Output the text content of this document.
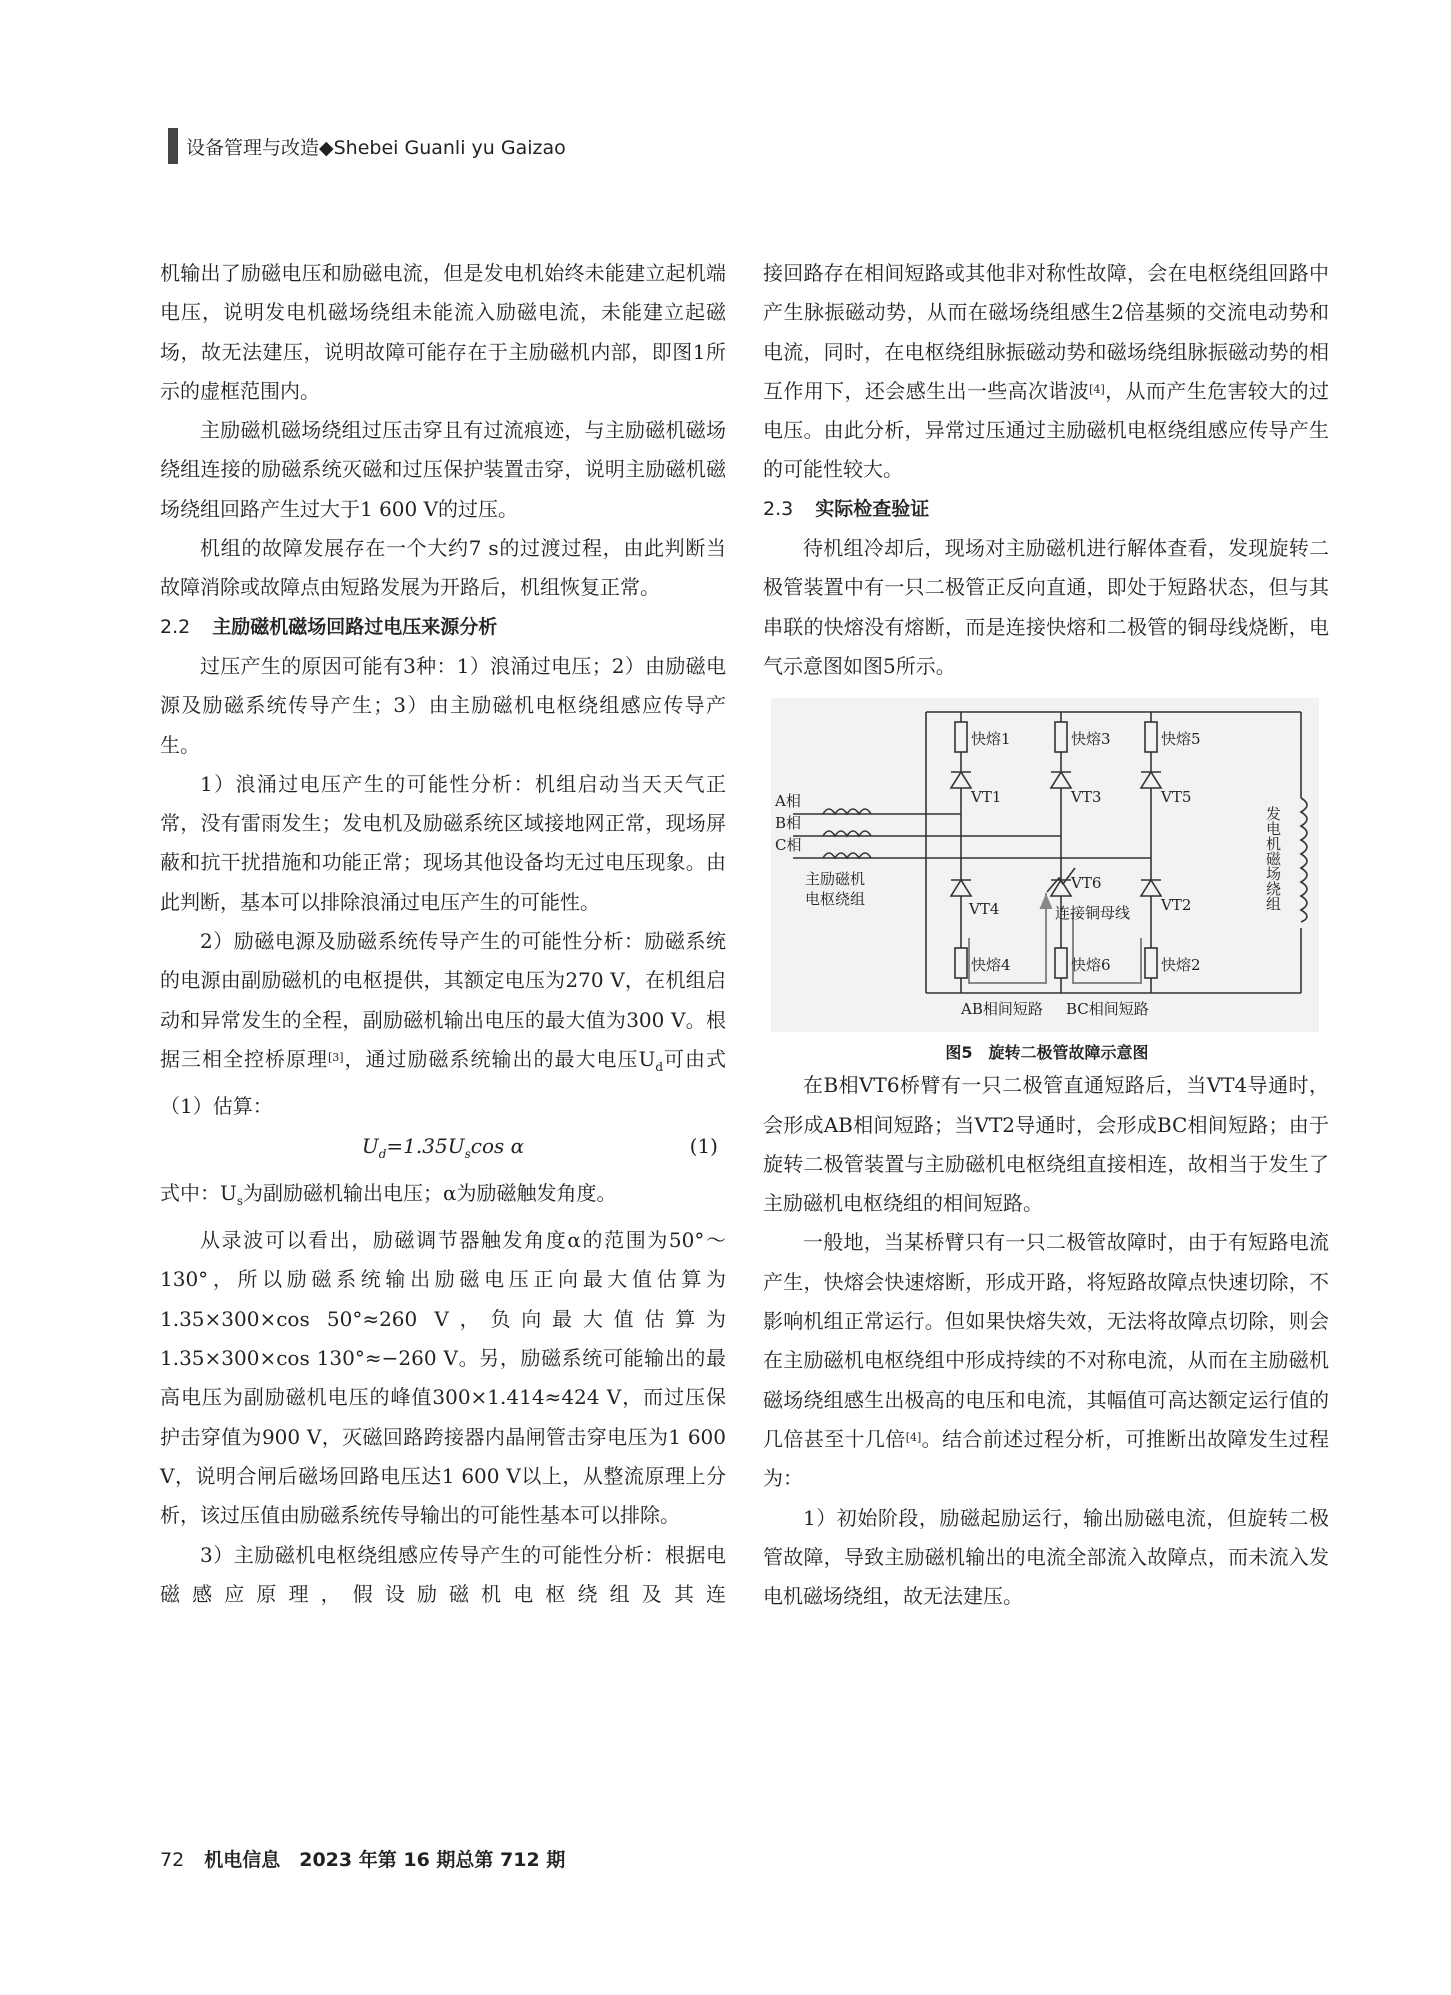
设备管理与改造◆Shebei Guanli yu Gaizao

机输出了励磁电压和励磁电流，但是发电机始终未能建立起机端电压，说明发电机磁场绕组未能流入励磁电流，未能建立起磁场，故无法建压，说明故障可能存在于主励磁机内部，即图1所示的虚框范围内。

主励磁机磁场绕组过压击穿且有过流痕迹，与主励磁机磁场绕组连接的励磁系统灭磁和过压保护装置击穿，说明主励磁机磁场绕组回路产生过大于1 600 V的过压。

机组的故障发展存在一个大约7 s的过渡过程，由此判断当故障消除或故障点由短路发展为开路后，机组恢复正常。

2.2 主励磁机磁场回路过电压来源分析

过压产生的原因可能有3种：1）浪涌过电压；2）由励磁电源及励磁系统传导产生；3）由主励磁机电枢绕组感应传导产生。

1）浪涌过电压产生的可能性分析：机组启动当天天气正常，没有雷雨发生；发电机及励磁系统区域接地网正常，现场屏蔽和抗干扰措施和功能正常；现场其他设备均无过电压现象。由此判断，基本可以排除浪涌过电压产生的可能性。

2）励磁电源及励磁系统传导产生的可能性分析：励磁系统的电源由副励磁机的电枢提供，其额定电压为270 V，在机组启动和异常发生的全程，副励磁机输出电压的最大值为300 V。根据三相全控桥原理[3]，通过励磁系统输出的最大电压$U_d$可由式（1）估算：

$U_d=1.35U_s\cos$ α	(1)

式中：$U_s$为副励磁机输出电压；α为励磁触发角度。

从录波可以看出，励磁调节器触发角度α的范围为50°～130°，所以励磁系统输出励磁电压正向最大值估算为1.35×300×cos 50°≈260 V，负向最大值估算为1.35×300×cos 130°≈−260 V。另，励磁系统可能输出的最高电压为副励磁机电压的峰值300×1.414≈424 V，而过压保护击穿值为900 V，灭磁回路跨接器内晶闸管击穿电压为1 600 V，说明合闸后磁场回路电压达1 600 V以上，从整流原理上分析，该过压值由励磁系统传导输出的可能性基本可以排除。

3）主励磁机电枢绕组感应传导产生的可能性分析：根据电磁感应原理，假设励磁机电枢绕组及其连

接回路存在相间短路或其他非对称性故障，会在电枢绕组回路中产生脉振磁动势，从而在磁场绕组感生2倍基频的交流电动势和电流，同时，在电枢绕组脉振磁动势和磁场绕组脉振磁动势的相互作用下，还会感生出一些高次谐波[4]，从而产生危害较大的过电压。由此分析，异常过压通过主励磁机电枢绕组感应传导产生的可能性较大。

2.3 实际检查验证

待机组冷却后，现场对主励磁机进行解体查看，发现旋转二极管装置中有一只二极管正反向直通，即处于短路状态，但与其串联的快熔没有熔断，而是连接快熔和二极管的铜母线烧断，电气示意图如图5所示。

快熔1	快熔3	快熔5
VT1	VT3	VT5
A相
B相
C相
主励磁机
电枢绕组
VT6
VT4	VT2
连接铜母线
快熔4	快熔6	快熔2
AB相间短路 BC相间短路
发电机磁场绕组
图5　旋转二极管故障示意图

在B相VT6桥臂有一只二极管直通短路后，当VT4导通时，会形成AB相间短路；当VT2导通时，会形成BC相间短路；由于旋转二极管装置与主励磁机电枢绕组直接相连，故相当于发生了主励磁机电枢绕组的相间短路。

一般地，当某桥臂只有一只二极管故障时，由于有短路电流产生，快熔会快速熔断，形成开路，将短路故障点快速切除，不影响机组正常运行。但如果快熔失效，无法将故障点切除，则会在主励磁机电枢绕组中形成持续的不对称电流，从而在主励磁机磁场绕组感生出极高的电压和电流，其幅值可高达额定运行值的几倍甚至十几倍[4]。结合前述过程分析，可推断出故障发生过程为：

1）初始阶段，励磁起励运行，输出励磁电流，但旋转二极管故障，导致主励磁机输出的电流全部流入故障点，而未流入发电机磁场绕组，故无法建压。

72 机电信息　2023 年第 16 期总第 712 期
